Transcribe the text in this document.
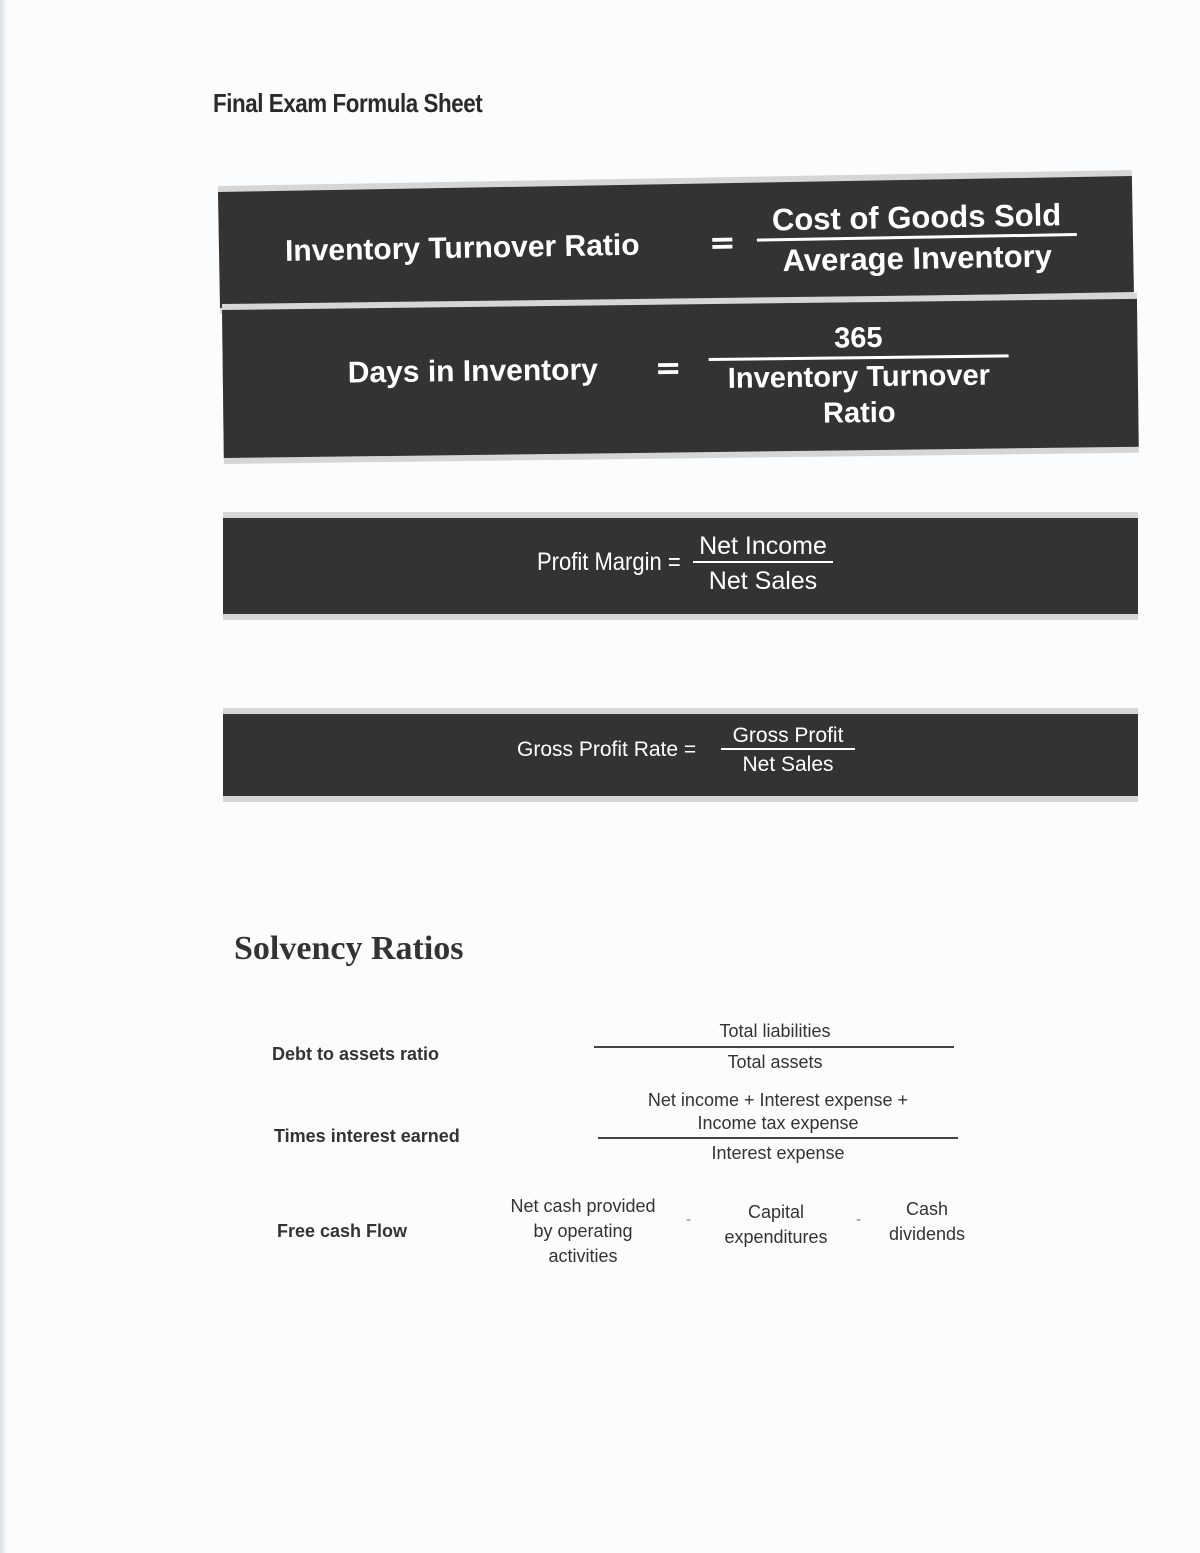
Final Exam Formula Sheet
Inventory Turnover Ratio =
Cost of Goods Sold
Average Inventory
Days in Inventory =
365
Inventory Turnover
Ratio
Profit Margin =
Net Income
Net Sales
Gross Profit Rate =
Gross Profit
Net Sales
Solvency Ratios
Debt to assets ratio
Total liabilities
Total assets
Times interest earned
Net income + Interest expense +
Income tax expense
Interest expense
Free cash Flow
Net cash provided
by operating
activities
-	Capital
expenditures
-
Cash
dividends
